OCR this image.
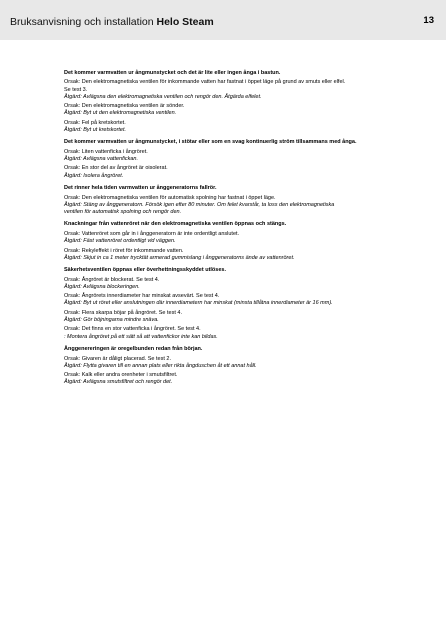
Bruksanvisning och installation Helo Steam	13
Det kommer varmvatten ur ångmunstycket och det är lite eller ingen ånga i bastun.
Orsak: Den elektromagnetiska ventilen för inkommande vatten har fastnat i öppet läge på grund av smuts eller elfel.
Se test 3.
Åtgärd: Avlägsna den elektromagnetiska ventilen och rengör den. Åtgärda elfelet.
Orsak: Den elektromagnetiska ventilen är sönder.
Åtgärd: Byt ut den elektromagnetiska ventilen.
Orsak: Fel på kretskortet.
Åtgärd: Byt ut kretskortet.
Det kommer varmvatten ur ångmunstycket, i stötar eller som en svag kontinuerlig ström tillsammans med ånga.
Orsak: Liten vattenficka i ångröret.
Åtgärd: Avlägsna vattenfickan.
Orsak: En stor del av ångröret är oisolerat.
Åtgärd: Isolera ångröret.
Det rinner hela tiden varmvatten ur ånggeneratorns fallrör.
Orsak: Den elektromagnetiska ventilen för automatisk spolning har fastnat i öppet läge.
Åtgärd: Stäng av ånggeneratorn. Försök igen efter 80 minuter. Om felet kvarstår, ta loss den elektromagnetiska
ventilen för automatisk spolning och rengör den.
Knackningar från vattenröret när den elektromagnetiska ventilen öppnas och stängs.
Orsak: Vattenröret som går in i ånggeneratorn är inte ordentligt anslutet.
Åtgärd: Fäst vattenröret ordentligt vid väggen.
Orsak: Rekyleffekt i röret för inkommande vatten.
Åtgärd: Skjut in ca 1 meter trycktät armerad gummislang i ånggeneratorns ände av vattenröret.
Säkerhetsventilen öppnas eller överhettningsskyddet utlöses.
Orsak: Ångröret är blockerat. Se test 4.
Åtgärd: Avlägsna blockeringen.
Orsak: Ångrörets innerdiameter har minskat avsevärt. Se test 4.
Åtgärd: Byt ut röret eller anslutningen där innerdiametern har minskat (minsta tillåtna innerdiameter är 16 mm).
Orsak: Flera skarpa böjar på ångröret. Se test 4.
Åtgärd: Gör böjningarna mindre snäva.
Orsak: Det finns en stor vattenficka i ångröret. Se test 4.
: Montera ångröret på ett sätt så att vattenfickor inte kan bildas.
Ånggenereringen är oregelbunden redan från början.
Orsak: Givaren är dåligt placerad. Se test 2.
Åtgärd: Flytta givaren till en annan plats eller rikta ångduschen åt ett annat håll.
Orsak: Kalk eller andra orenheter i smutsfiltret.
Åtgärd: Avlägsna smutsfiltret och rengör det.
